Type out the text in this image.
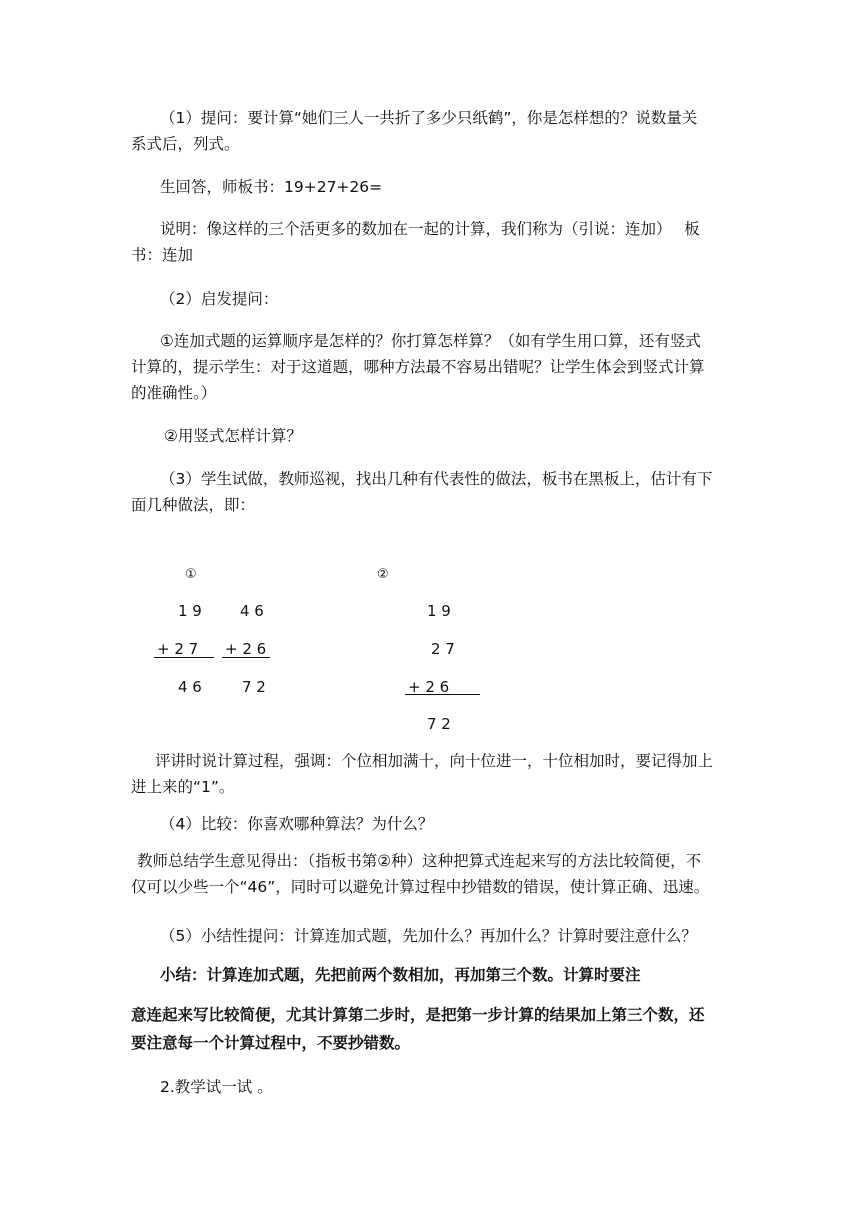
（1）提问：要计算“她们三人一共折了多少只纸鹤”，你是怎样想的？说数量关
系式后，列式。
生回答，师板书：19+27+26=
说明：像这样的三个活更多的数加在一起的计算，我们称为（引说：连加）　 板
书：连加
（2）启发提问：
①连加式题的运算顺序是怎样的？你打算怎样算？（如有学生用口算，还有竖式
计算的，提示学生：对于这道题，哪种方法最不容易出错呢？让学生体会到竖式计算
的准确性。）
②用竖式怎样计算？
（3）学生试做，教师巡视，找出几种有代表性的做法，板书在黑板上，估计有下
面几种做法，即：
①
1 9	4 6
+ 2 7 + 2 6
4 6	7 2
②
1 9
2 7
+ 2 6
7 2
评讲时说计算过程，强调：个位相加满十，向十位进一，十位相加时，要记得加上
进上来的“1”。
（4）比较：你喜欢哪种算法？为什么？
教师总结学生意见得出：（指板书第②种）这种把算式连起来写的方法比较简便，不
仅可以少些一个“46”，同时可以避免计算过程中抄错数的错误，使计算正确、迅速。
（5）小结性提问：计算连加式题，先加什么？再加什么？计算时要注意什么？
小结：计算连加式题，先把前两个数相加，再加第三个数。计算时要注
意连起来写比较简便，尤其计算第二步时，是把第一步计算的结果加上第三个数，还
要注意每一个计算过程中，不要抄错数。
2.教学试一试 。
